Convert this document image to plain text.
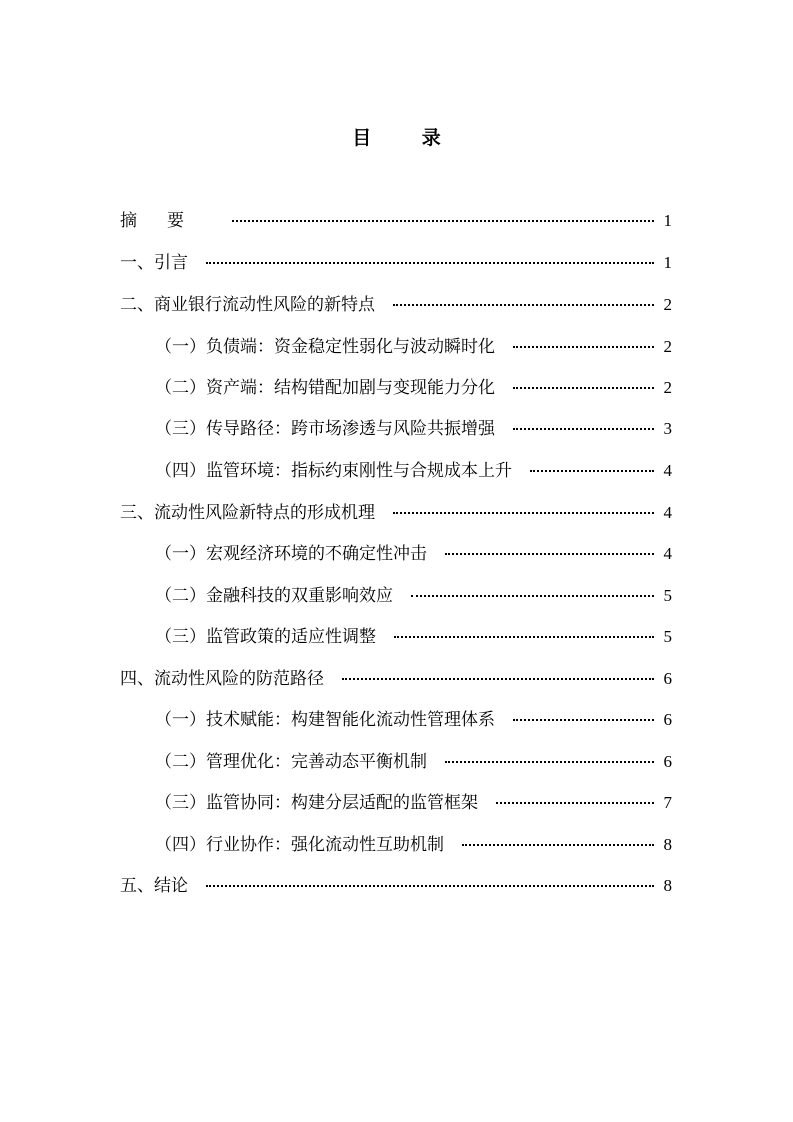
目 录
摘要	1
一、引言	1
二、商业银行流动性风险的新特点	2
（一）负债端：资金稳定性弱化与波动瞬时化	2
（二）资产端：结构错配加剧与变现能力分化	2
（三）传导路径：跨市场渗透与风险共振增强	3
（四）监管环境：指标约束刚性与合规成本上升	4
三、流动性风险新特点的形成机理	4
（一）宏观经济环境的不确定性冲击	4
（二）金融科技的双重影响效应	5
（三）监管政策的适应性调整	5
四、流动性风险的防范路径	6
（一）技术赋能：构建智能化流动性管理体系	6
（二）管理优化：完善动态平衡机制	6
（三）监管协同：构建分层适配的监管框架	7
（四）行业协作：强化流动性互助机制	8
五、结论	8
